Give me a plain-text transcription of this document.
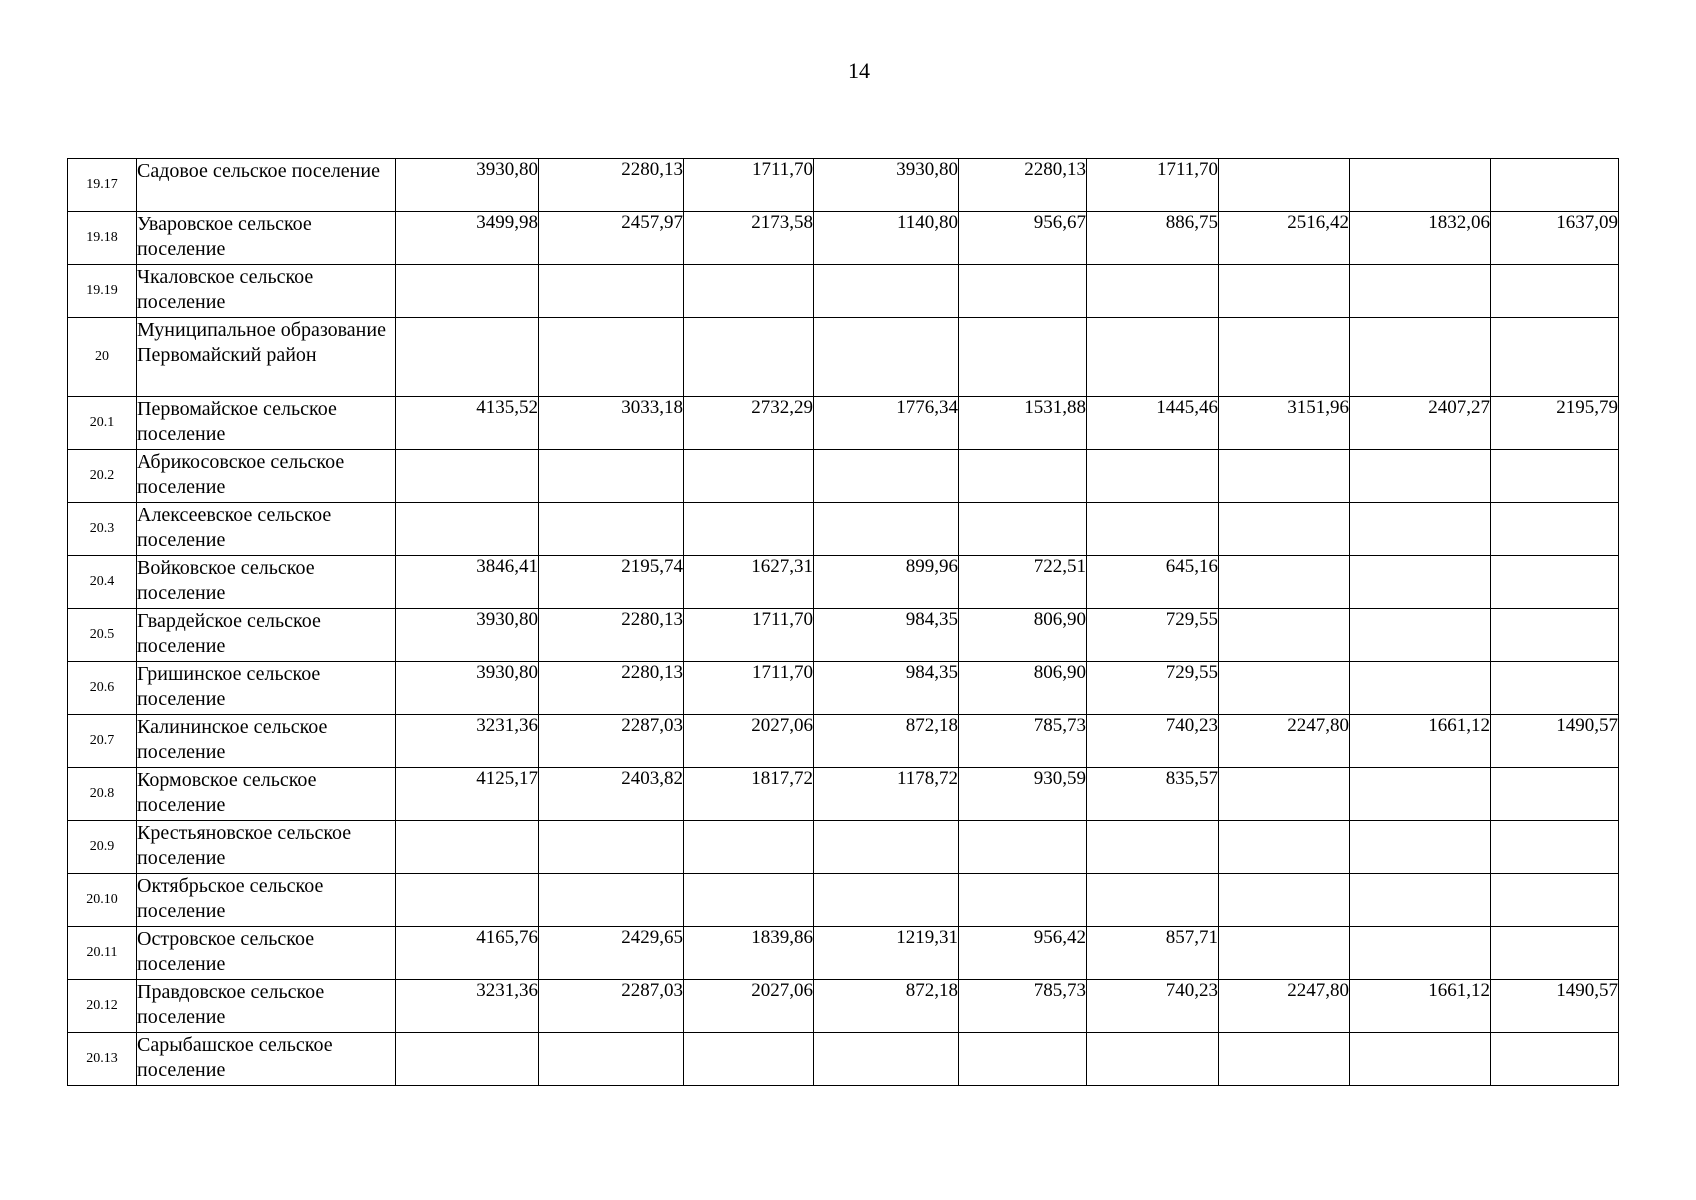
14
19.17	Садовое сельское поселение	3930,80	2280,13	1711,70	3930,80	2280,13	1711,70			
19.18	Уваровское сельское поселение	3499,98	2457,97	2173,58	1140,80	956,67	886,75	2516,42	1832,06	1637,09
19.19	Чкаловское сельское поселение									
20	Муниципальное образование Первомайский район									
20.1	Первомайское сельское поселение	4135,52	3033,18	2732,29	1776,34	1531,88	1445,46	3151,96	2407,27	2195,79
20.2	Абрикосовское сельское поселение									
20.3	Алексеевское сельское поселение									
20.4	Войковское сельское поселение	3846,41	2195,74	1627,31	899,96	722,51	645,16			
20.5	Гвардейское сельское поселение	3930,80	2280,13	1711,70	984,35	806,90	729,55			
20.6	Гришинское сельское поселение	3930,80	2280,13	1711,70	984,35	806,90	729,55			
20.7	Калининское сельское поселение	3231,36	2287,03	2027,06	872,18	785,73	740,23	2247,80	1661,12	1490,57
20.8	Кормовское сельское поселение	4125,17	2403,82	1817,72	1178,72	930,59	835,57			
20.9	Крестьяновское сельское поселение									
20.10	Октябрьское сельское поселение									
20.11	Островское сельское поселение	4165,76	2429,65	1839,86	1219,31	956,42	857,71			
20.12	Правдовское сельское поселение	3231,36	2287,03	2027,06	872,18	785,73	740,23	2247,80	1661,12	1490,57
20.13	Сарыбашское сельское поселение									
